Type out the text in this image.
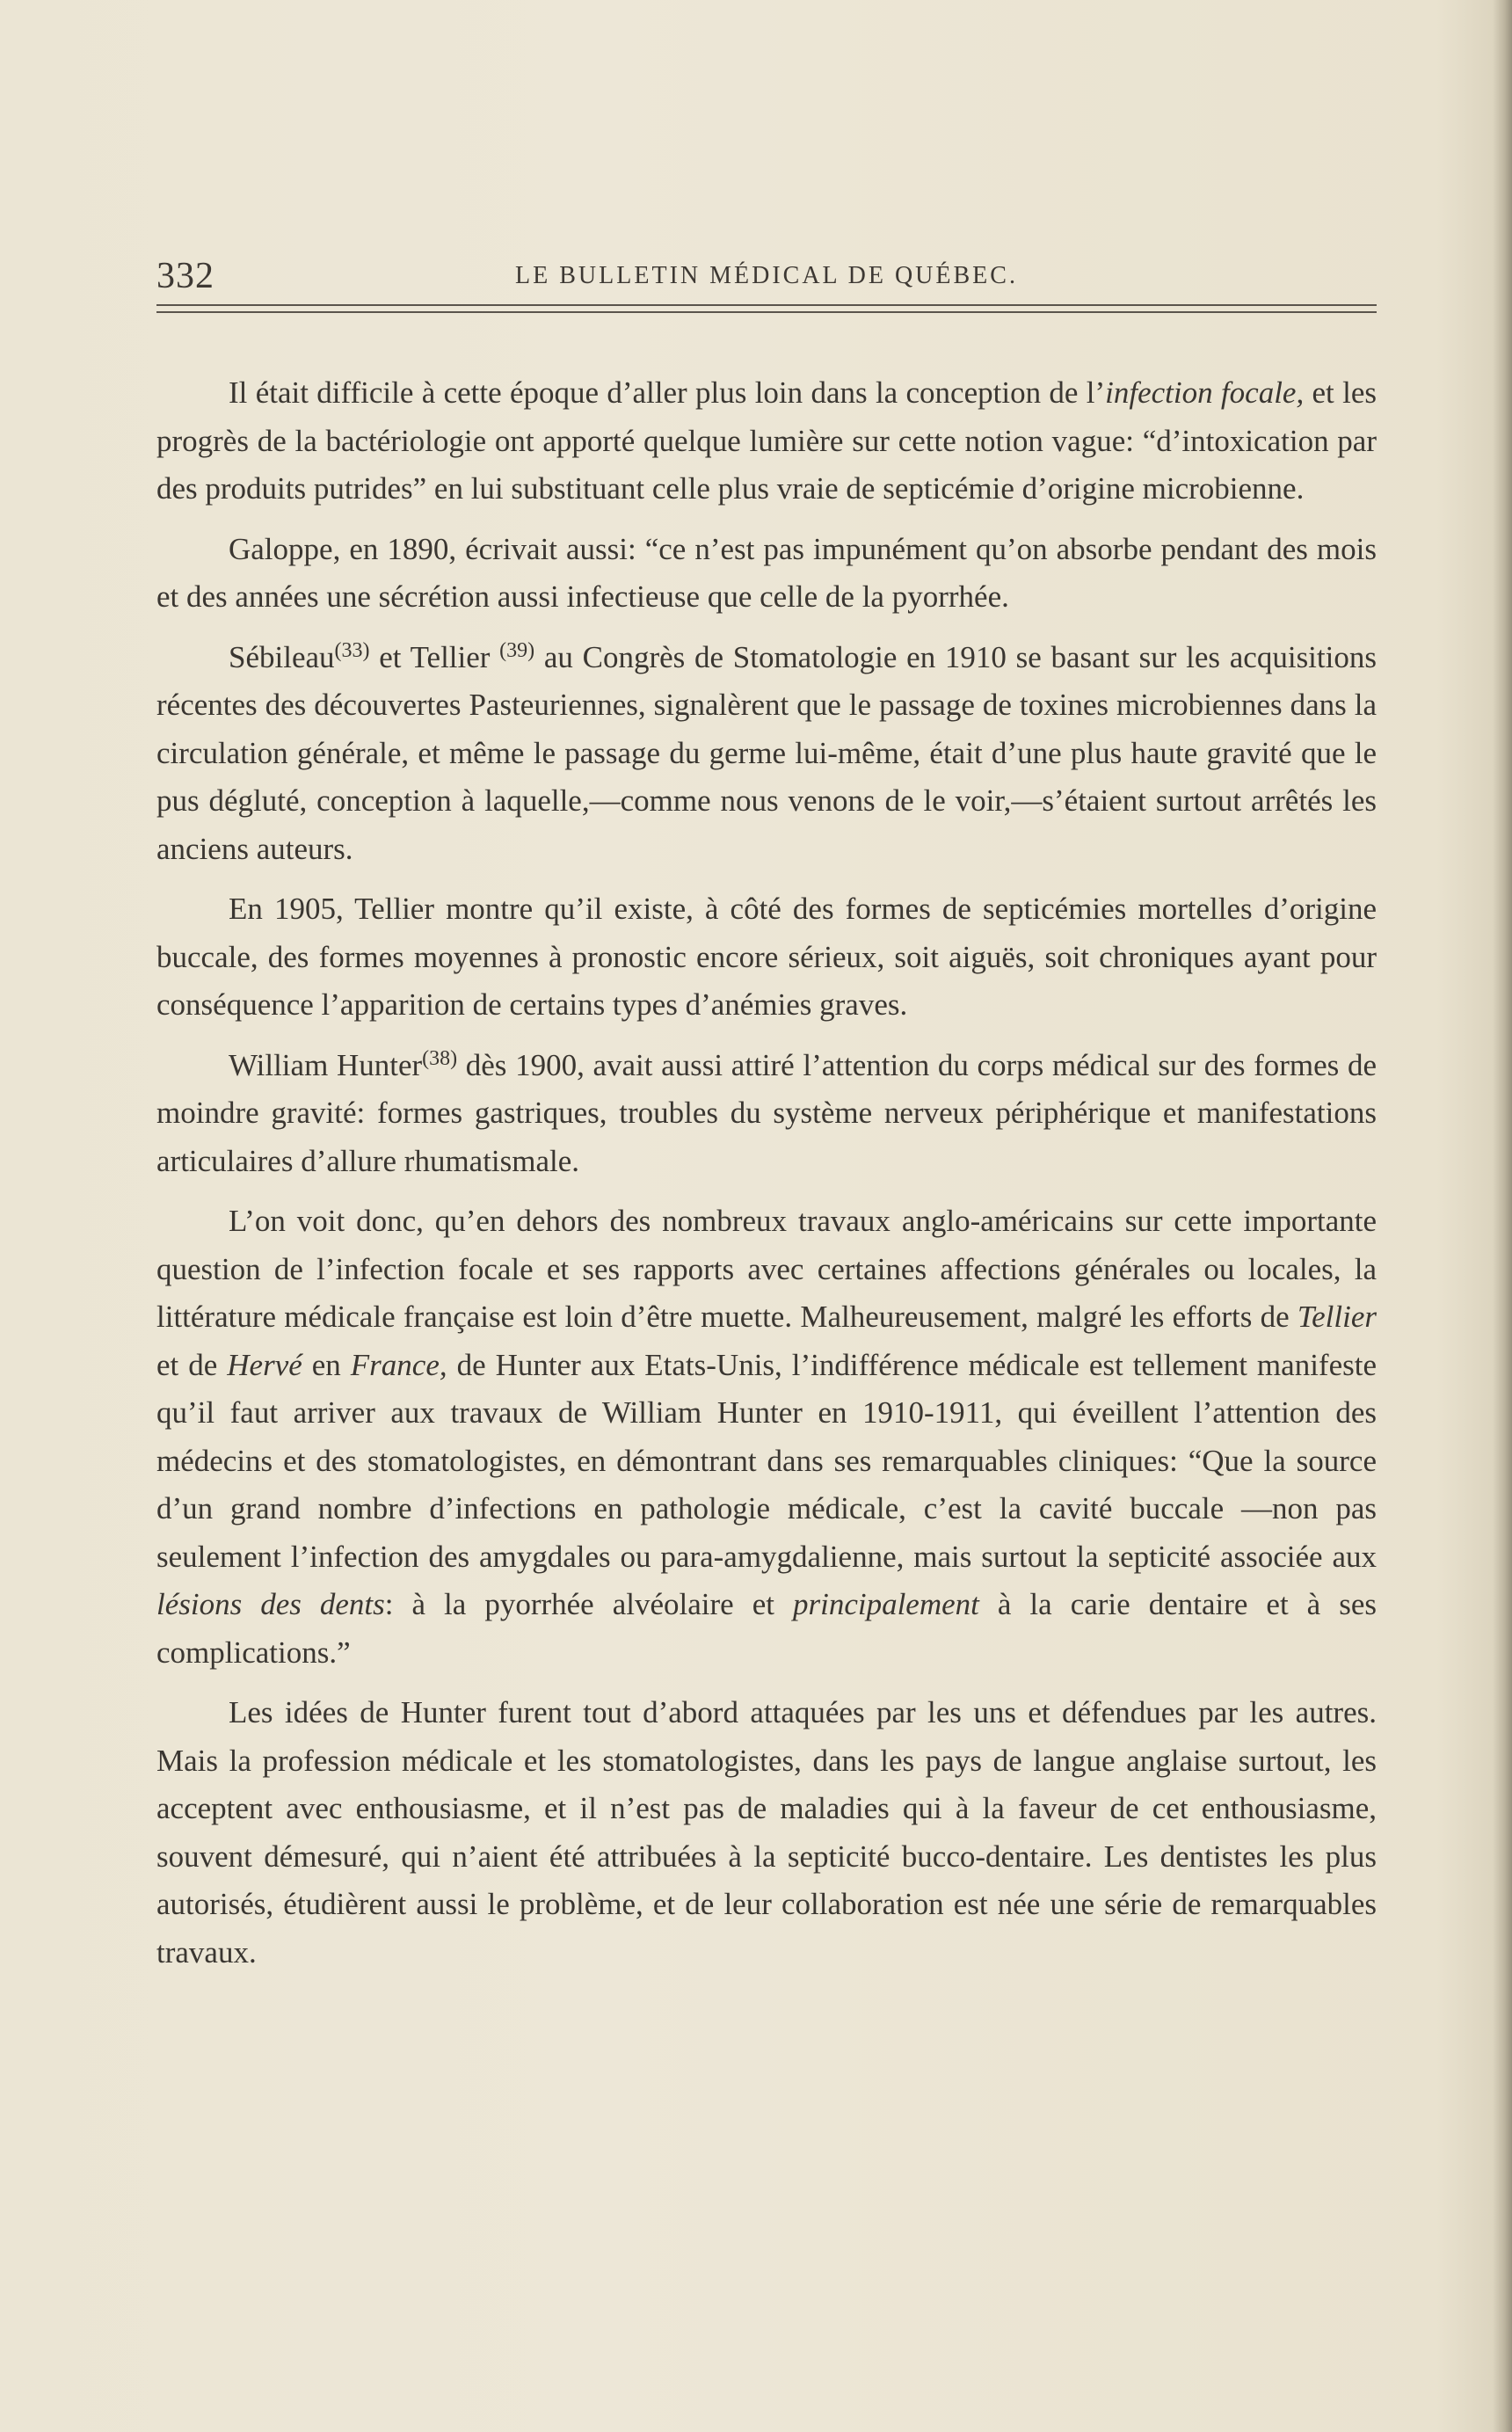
332	LE BULLETIN MÉDICAL DE QUÉBEC.

Il était difficile à cette époque d’aller plus loin dans la conception de l’infection focale, et les progrès de la bactériologie ont apporté quelque lumière sur cette notion vague: “d’intoxication par des produits putrides” en lui substituant celle plus vraie de septicémie d’origine microbienne.

Galoppe, en 1890, écrivait aussi: “ce n’est pas impunément qu’on absorbe pendant des mois et des années une sécrétion aussi infectieuse que celle de la pyorrhée.

Sébileau$^{(33)}$ et Tellier $^{(39)}$ au Congrès de Stomatologie en 1910 se basant sur les acquisitions récentes des découvertes Pasteuriennes, signalèrent que le passage de toxines microbiennes dans la circulation générale, et même le passage du germe lui-même, était d’une plus haute gravité que le pus dégluté, conception à laquelle,—comme nous venons de le voir,—s’étaient surtout arrêtés les anciens auteurs.

En 1905, Tellier montre qu’il existe, à côté des formes de septicémies mortelles d’origine buccale, des formes moyennes à pronostic encore sérieux, soit aiguës, soit chroniques ayant pour conséquence l’apparition de certains types d’anémies graves.

William Hunter$^{(38)}$ dès 1900, avait aussi attiré l’attention du corps médical sur des formes de moindre gravité: formes gastriques, troubles du système nerveux périphérique et manifestations articulaires d’allure rhumatismale.

L’on voit donc, qu’en dehors des nombreux travaux anglo-américains sur cette importante question de l’infection focale et ses rapports avec certaines affections générales ou locales, la littérature médicale française est loin d’être muette. Malheureusement, malgré les efforts de Tellier et de Hervé en France, de Hunter aux Etats-Unis, l’indifférence médicale est tellement manifeste qu’il faut arriver aux travaux de William Hunter en 1910-1911, qui éveillent l’attention des médecins et des stomatologistes, en démontrant dans ses remarquables cliniques: “Que la source d’un grand nombre d’infections en pathologie médicale, c’est la cavité buccale —non pas seulement l’infection des amygdales ou para-amygdalienne, mais surtout la septicité associée aux lésions des dents: à la pyorrhée alvéolaire et principalement à la carie dentaire et à ses complications.”

Les idées de Hunter furent tout d’abord attaquées par les uns et défendues par les autres. Mais la profession médicale et les stomatologistes, dans les pays de langue anglaise surtout, les acceptent avec enthousiasme, et il n’est pas de maladies qui à la faveur de cet enthousiasme, souvent démesuré, qui n’aient été attribuées à la septicité bucco-dentaire. Les dentistes les plus autorisés, étudièrent aussi le problème, et de leur collaboration est née une série de remarquables travaux.
